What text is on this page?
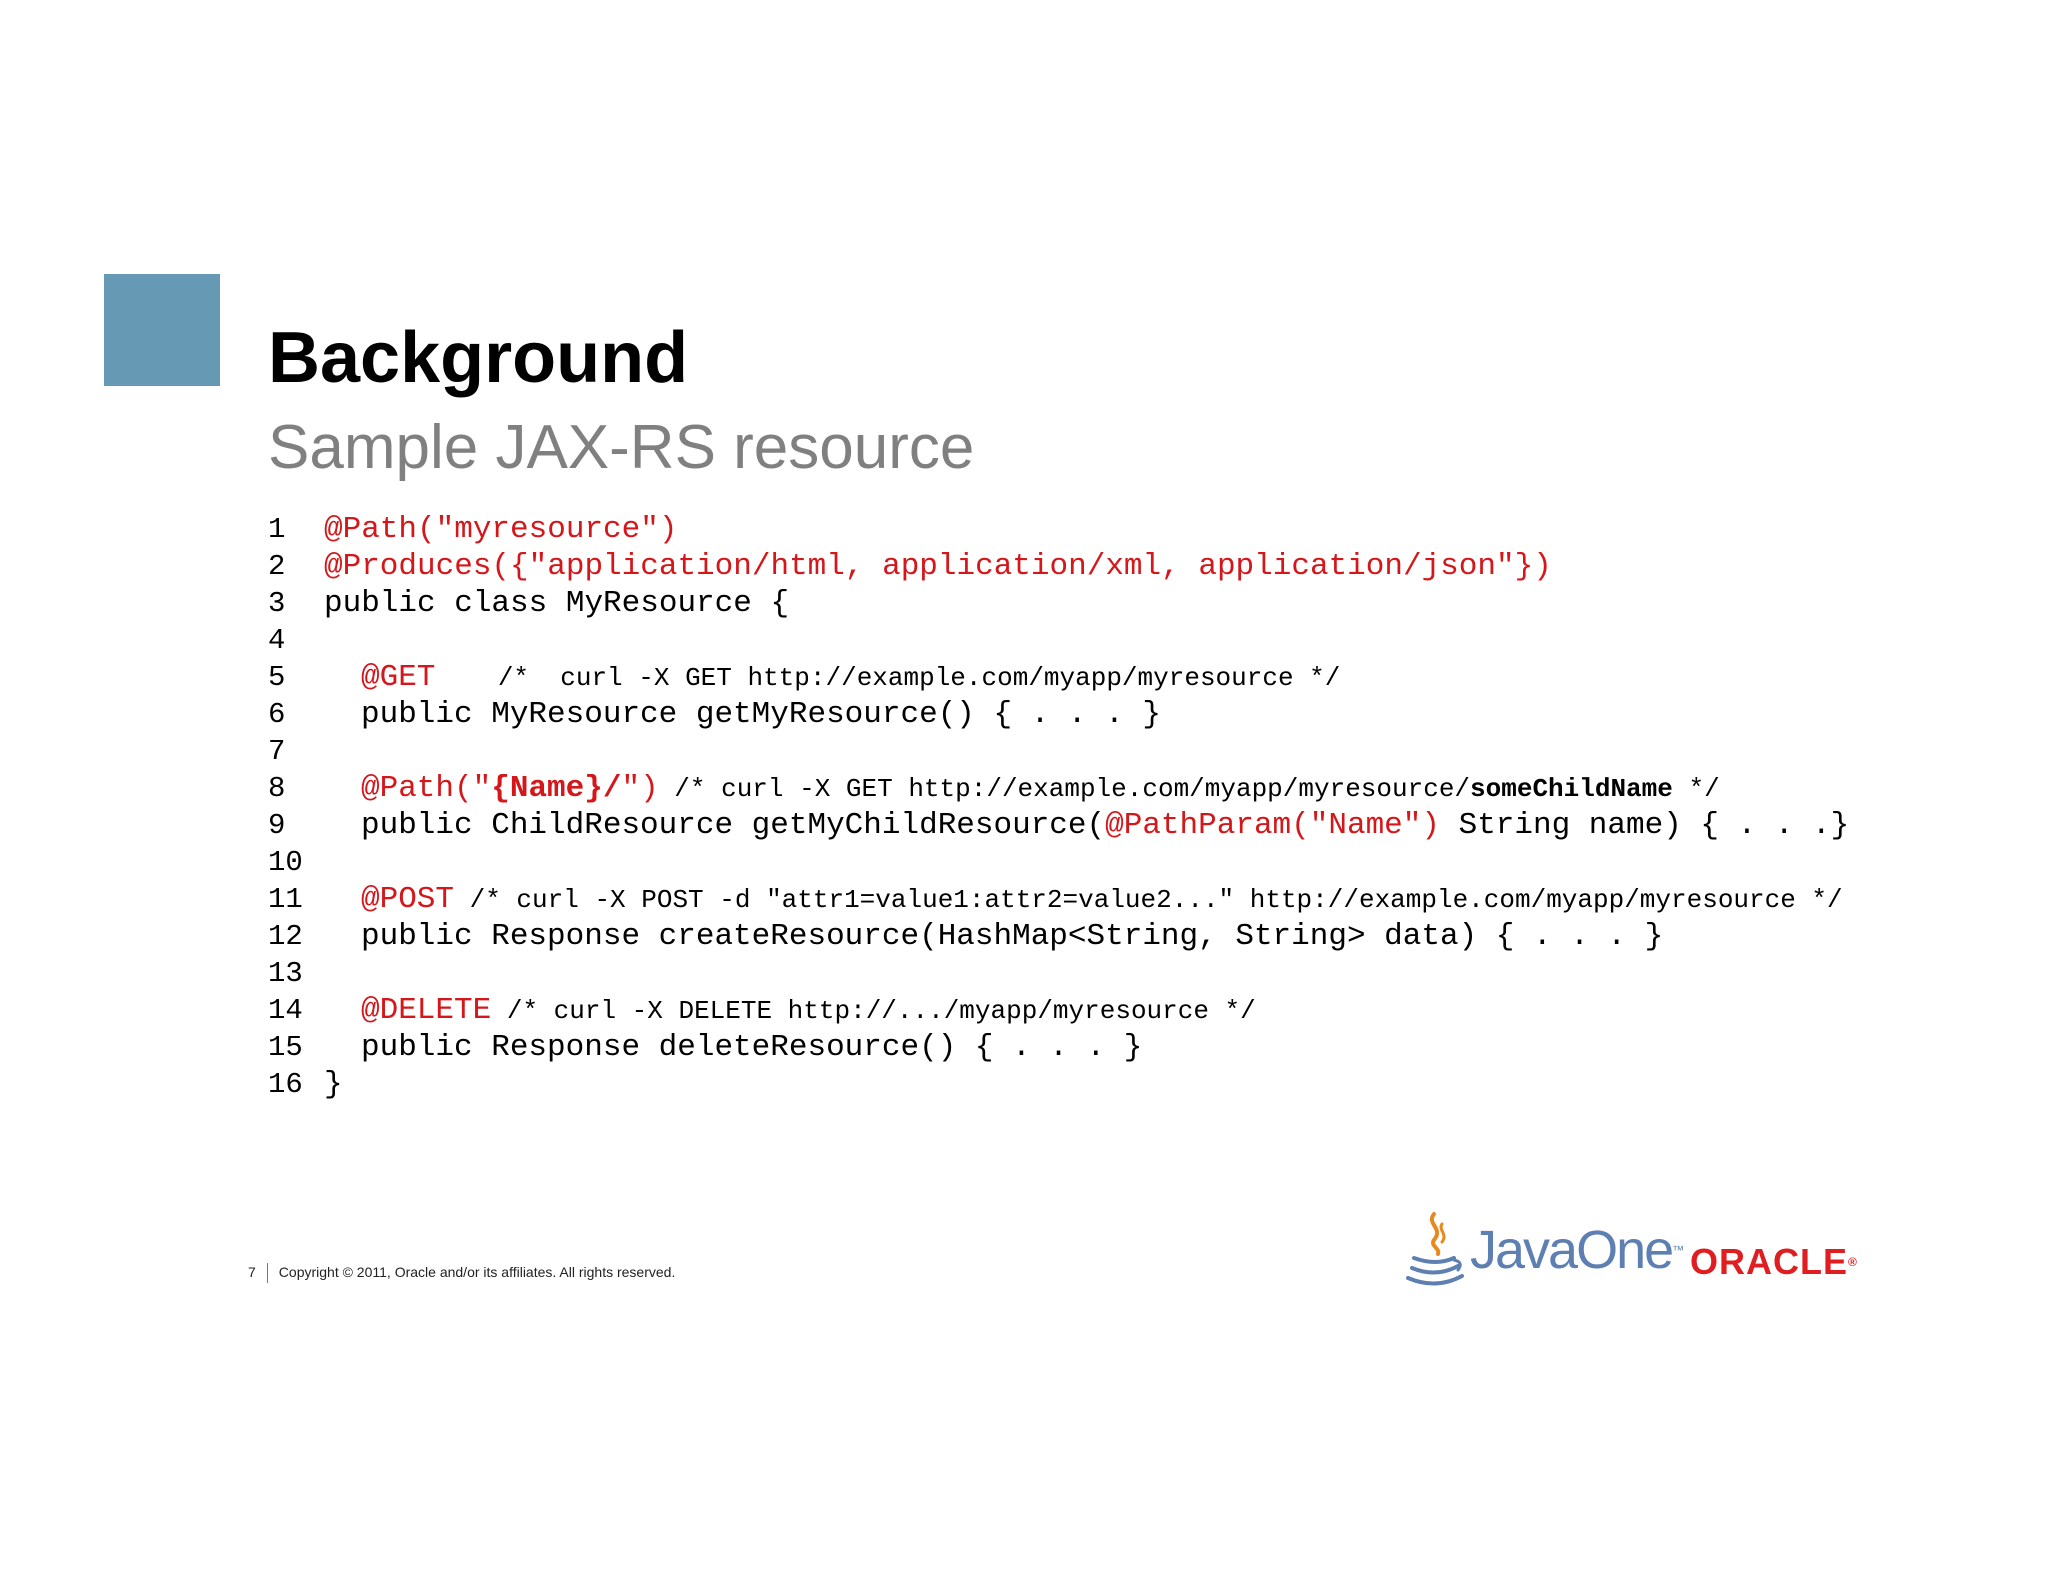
Background
Sample JAX-RS resource
1	@Path("myresource")
2	@Produces({"application/html, application/xml, application/json"})
3	public class MyResource {
4
5	@GET    /*  curl -X GET http://example.com/myapp/myresource */
6	public MyResource getMyResource() { . . . }
7
8	@Path("{Name}/") /* curl -X GET http://example.com/myapp/myresource/someChildName */
9	public ChildResource getMyChildResource(@PathParam("Name") String name) { . . .}
10
11 @POST /* curl -X POST -d "attr1=value1:attr2=value2..." http://example.com/myapp/myresource */
12 public Response createResource(HashMap<String, String> data) { . . . }
13
14 @DELETE /* curl -X DELETE http://.../myapp/myresource */
15 public Response deleteResource() { . . . }
16 }
7 Copyright © 2011, Oracle and/or its affiliates. All rights reserved.	JavaOne™ ORACLE®
